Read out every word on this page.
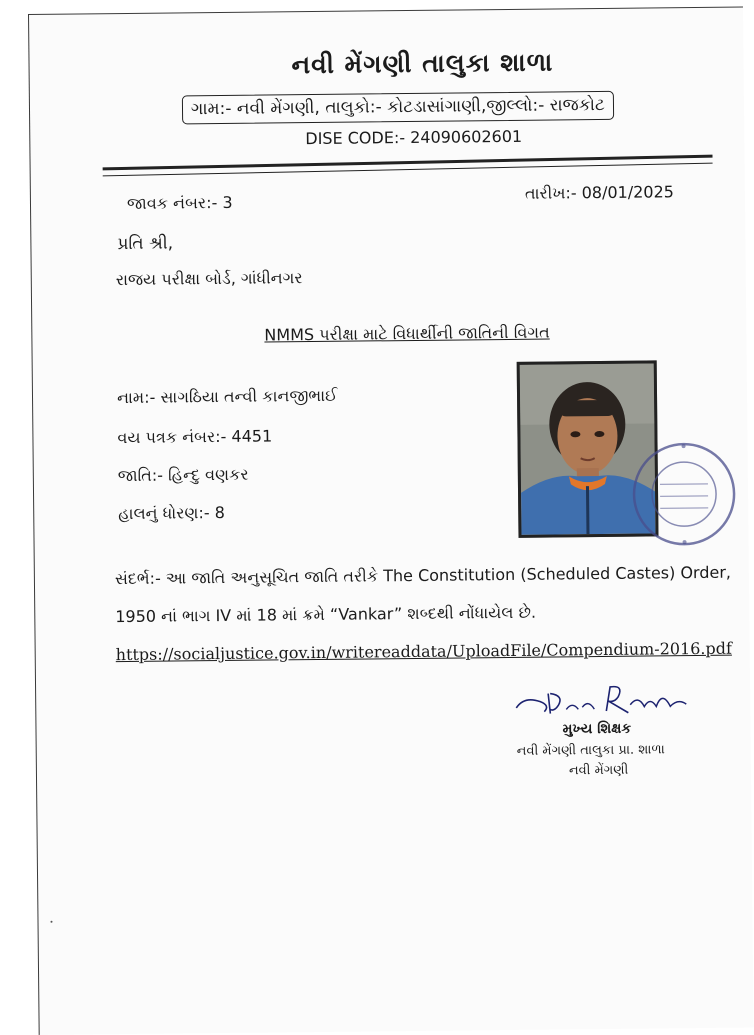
નવી મેંગણી તાલુકા શાળા
ગામ:- નવી મેંગણી, તાલુકો:- કોટડાસાંગાણી,જીલ્લો:- રાજકોટ
DISE CODE:- 24090602601
જાવક નંબર:- 3
તારીખ:- 08/01/2025
પ્રતિ શ્રી,
રાજય પરીક્ષા બોર્ડ, ગાંધીનગર
NMMS પરીક્ષા માટે વિધાર્થીની જાતિની વિગત
નામ:- સાગઠિયા તન્વી કાનજીભાઈ
વય પત્રક નંબર:- 4451
જાતિ:- હિન્દુ વણકર
હાલનું ધોરણ:- 8
સંદર્ભ:- આ જાતિ અનુસૂચિત જાતિ તરીકે The Constitution (Scheduled Castes) Order,
1950 નાં ભાગ IV માં 18 માં ક્રમે “Vankar” શબ્દથી નોંધાયેલ છે.
https://socialjustice.gov.in/writereaddata/UploadFile/Compendium-2016.pdf
મુખ્ય શિક્ષક
નવી મેંગણી તાલુકા પ્રા. શાળા
નવી મેંગણી
